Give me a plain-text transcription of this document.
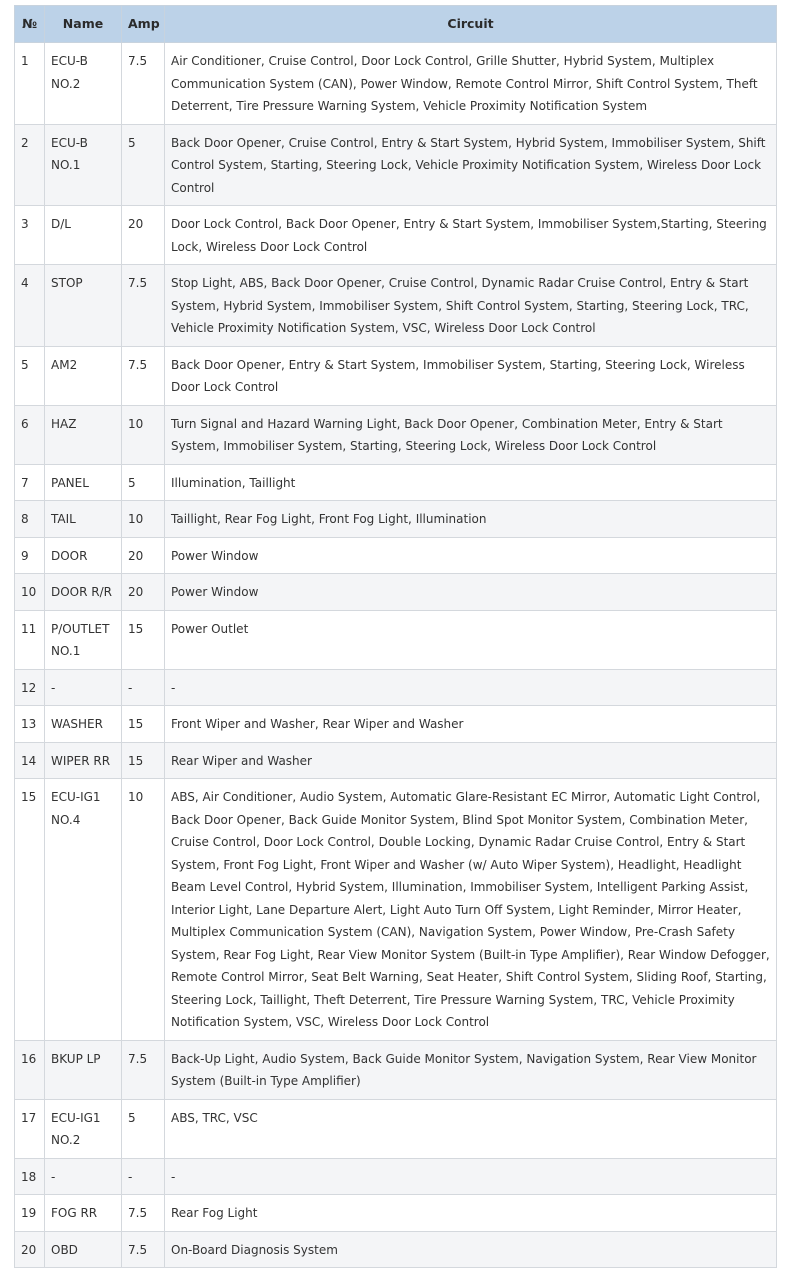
№	Name	Amp	Circuit
1	ECU-B NO.2	7.5	Air Conditioner, Cruise Control, Door Lock Control, Grille Shutter, Hybrid System, Multiplex Communication System (CAN), Power Window, Remote Control Mirror, Shift Control System, Theft Deterrent, Tire Pressure Warning System, Vehicle Proximity Notification System
2	ECU-B NO.1	5	Back Door Opener, Cruise Control, Entry & Start System, Hybrid System, Immobiliser System, Shift Control System, Starting, Steering Lock, Vehicle Proximity Notification System, Wireless Door Lock Control
3	D/L	20	Door Lock Control, Back Door Opener, Entry & Start System, Immobiliser System,Starting, Steering Lock, Wireless Door Lock Control
4	STOP	7.5	Stop Light, ABS, Back Door Opener, Cruise Control, Dynamic Radar Cruise Control, Entry & Start System, Hybrid System, Immobiliser System, Shift Control System, Starting, Steering Lock, TRC, Vehicle Proximity Notification System, VSC, Wireless Door Lock Control
5	AM2	7.5	Back Door Opener, Entry & Start System, Immobiliser System, Starting, Steering Lock, Wireless Door Lock Control
6	HAZ	10	Turn Signal and Hazard Warning Light, Back Door Opener, Combination Meter, Entry & Start System, Immobiliser System, Starting, Steering Lock, Wireless Door Lock Control
7	PANEL	5	Illumination, Taillight
8	TAIL	10	Taillight, Rear Fog Light, Front Fog Light, Illumination
9	DOOR	20	Power Window
10	DOOR R/R	20	Power Window
11	P/OUTLET NO.1	15	Power Outlet
12	-	-	-
13	WASHER	15	Front Wiper and Washer, Rear Wiper and Washer
14	WIPER RR	15	Rear Wiper and Washer
15	ECU-IG1 NO.4	10	ABS, Air Conditioner, Audio System, Automatic Glare-Resistant EC Mirror, Automatic Light Control, Back Door Opener, Back Guide Monitor System, Blind Spot Monitor System, Combination Meter, Cruise Control, Door Lock Control, Double Locking, Dynamic Radar Cruise Control, Entry & Start System, Front Fog Light, Front Wiper and Washer (w/ Auto Wiper System), Headlight, Headlight Beam Level Control, Hybrid System, Illumination, Immobiliser System, Intelligent Parking Assist, Interior Light, Lane Departure Alert, Light Auto Turn Off System, Light Reminder, Mirror Heater, Multiplex Communication System (CAN), Navigation System, Power Window, Pre-Crash Safety System, Rear Fog Light, Rear View Monitor System (Built-in Type Amplifier), Rear Window Defogger, Remote Control Mirror, Seat Belt Warning, Seat Heater, Shift Control System, Sliding Roof, Starting, Steering Lock, Taillight, Theft Deterrent, Tire Pressure Warning System, TRC, Vehicle Proximity Notification System, VSC, Wireless Door Lock Control
16	BKUP LP	7.5	Back-Up Light, Audio System, Back Guide Monitor System, Navigation System, Rear View Monitor System (Built-in Type Amplifier)
17	ECU-IG1 NO.2	5	ABS, TRC, VSC
18	-	-	-
19	FOG RR	7.5	Rear Fog Light
20	OBD	7.5	On-Board Diagnosis System
